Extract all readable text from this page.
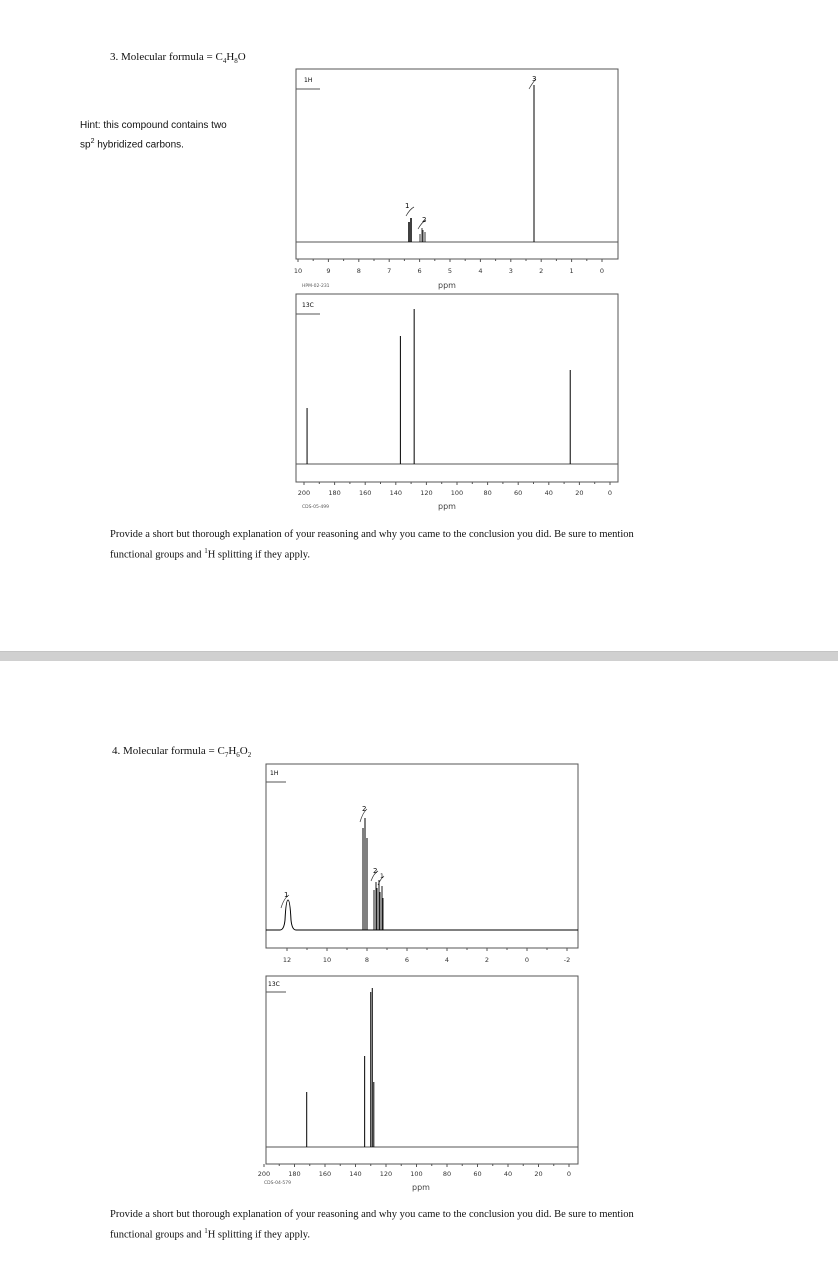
3. Molecular formula = $C_4H_8O$
Hint: this compound contains two
$sp^2$ hybridized carbons.
1H
1
2
3
10	9	8	7	6	5	4	3	2	1	0
HPM-02-231	ppm
13C
200	180	160	140	120	100	80	60	40	20	0
CDS-05-499	ppm
Provide a short but thorough explanation of your reasoning and why you came to the conclusion you did. Be sure to mention
functional groups and $^1$H splitting if they apply.
4. Molecular formula = $C_7H_6O_2$
1H
1
2
2
1
12	10	8	6	4	2	0	-2
13C
200	180	160	140	120	100	80	60	40	20	0
CDS-04-579	ppm
Provide a short but thorough explanation of your reasoning and why you came to the conclusion you did. Be sure to mention
functional groups and $^1$H splitting if they apply.
